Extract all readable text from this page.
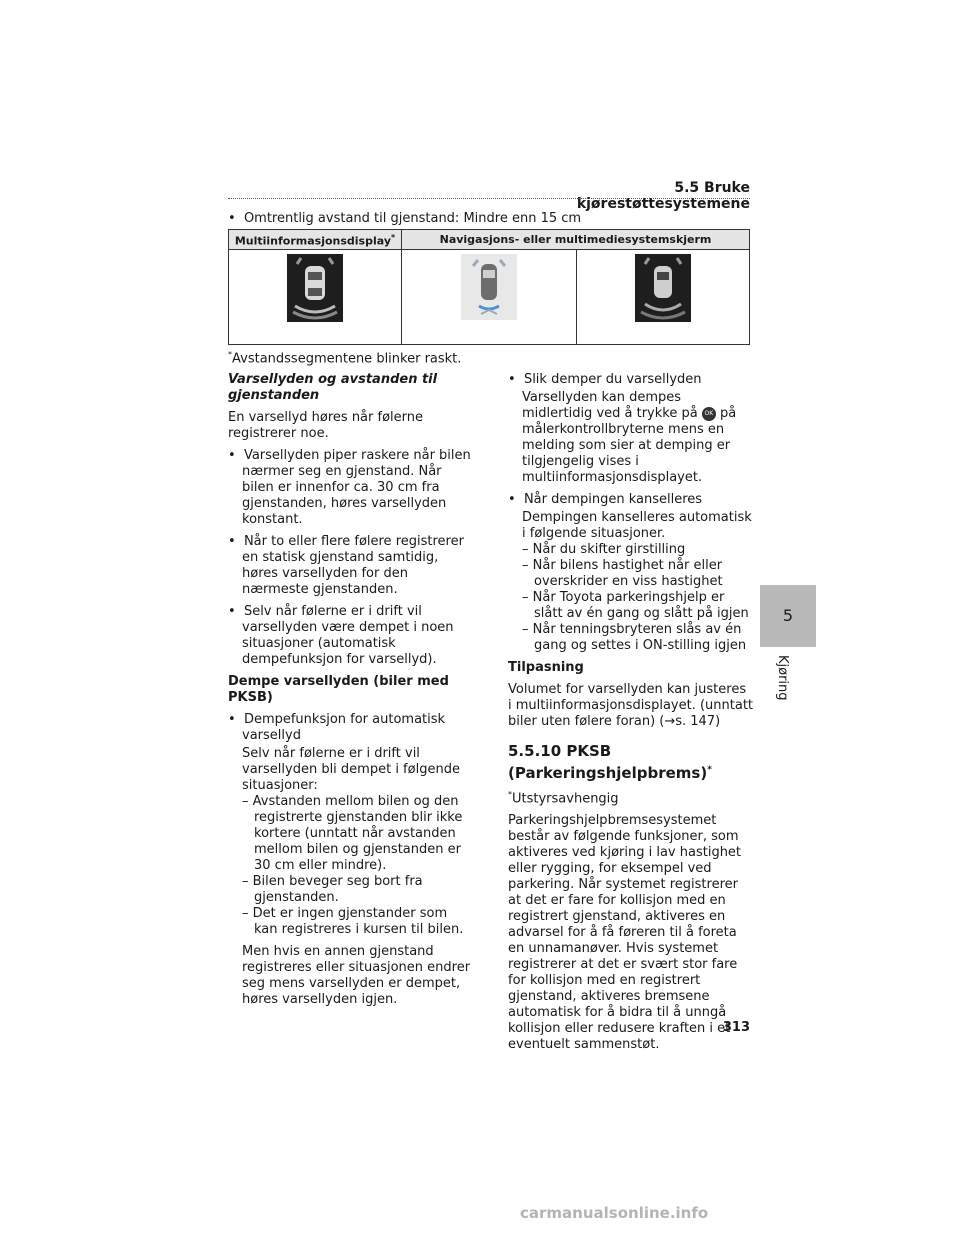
5.5 Bruke kjørestøttesystemene
•  Omtrentlig avstand til gjenstand: Mindre enn 15 cm
Multiinformasjonsdisplay*	Navigasjons- eller multimediesystemskjerm	

*Avstandssegmentene blinker raskt.
Varsellyden og avstanden til gjenstanden
En varsellyd høres når følerne registrerer noe.
•  Varsellyden piper raskere når bilen nærmer seg en gjenstand. Når bilen er innenfor ca. 30 cm fra gjenstanden, høres varsellyden konstant.
•  Når to eller flere følere registrerer en statisk gjenstand samtidig, høres varsellyden for den nærmeste gjenstanden.
•  Selv når følerne er i drift vil varsellyden være dempet i noen situasjoner (automatisk dempefunksjon for varsellyd).
Dempe varsellyden (biler med PKSB)
•  Dempefunksjon for automatisk varsellyd
Selv når følerne er i drift vil varsellyden bli dempet i følgende situasjoner:
– Avstanden mellom bilen og den registrerte gjenstanden blir ikke kortere (unntatt når avstanden mellom bilen og gjenstanden er 30 cm eller mindre).
– Bilen beveger seg bort fra gjenstanden.
– Det er ingen gjenstander som kan registreres i kursen til bilen.
Men hvis en annen gjenstand registreres eller situasjonen endrer seg mens varsellyden er dempet, høres varsellyden igjen.
•  Slik demper du varsellyden
Varsellyden kan dempes midlertidig ved å trykke på OK på målerkontrollbryterne mens en melding som sier at demping er tilgjengelig vises i multiinformasjonsdisplayet.
•  Når dempingen kanselleres
Dempingen kanselleres automatisk i følgende situasjoner.
– Når du skifter girstilling
– Når bilens hastighet når eller overskrider en viss hastighet
– Når Toyota parkeringshjelp er slått av én gang og slått på igjen
– Når tenningsbryteren slås av én gang og settes i ON-stilling igjen
Tilpasning
Volumet for varsellyden kan justeres i multiinformasjonsdisplayet. (unntatt biler uten følere foran) (→s. 147)
5.5.10 PKSB (Parkeringshjelpbrems)*
*Utstyrsavhengig
Parkeringshjelpbremsesystemet består av følgende funksjoner, som aktiveres ved kjøring i lav hastighet eller rygging, for eksempel ved parkering. Når systemet registrerer at det er fare for kollisjon med en registrert gjenstand, aktiveres en advarsel for å få føreren til å foreta en unnamanøver. Hvis systemet registrerer at det er svært stor fare for kollisjon med en registrert gjenstand, aktiveres bremsene automatisk for å bidra til å unngå kollisjon eller redusere kraften i et eventuelt sammenstøt.
5
Kjøring
313
carmanualsonline.info
